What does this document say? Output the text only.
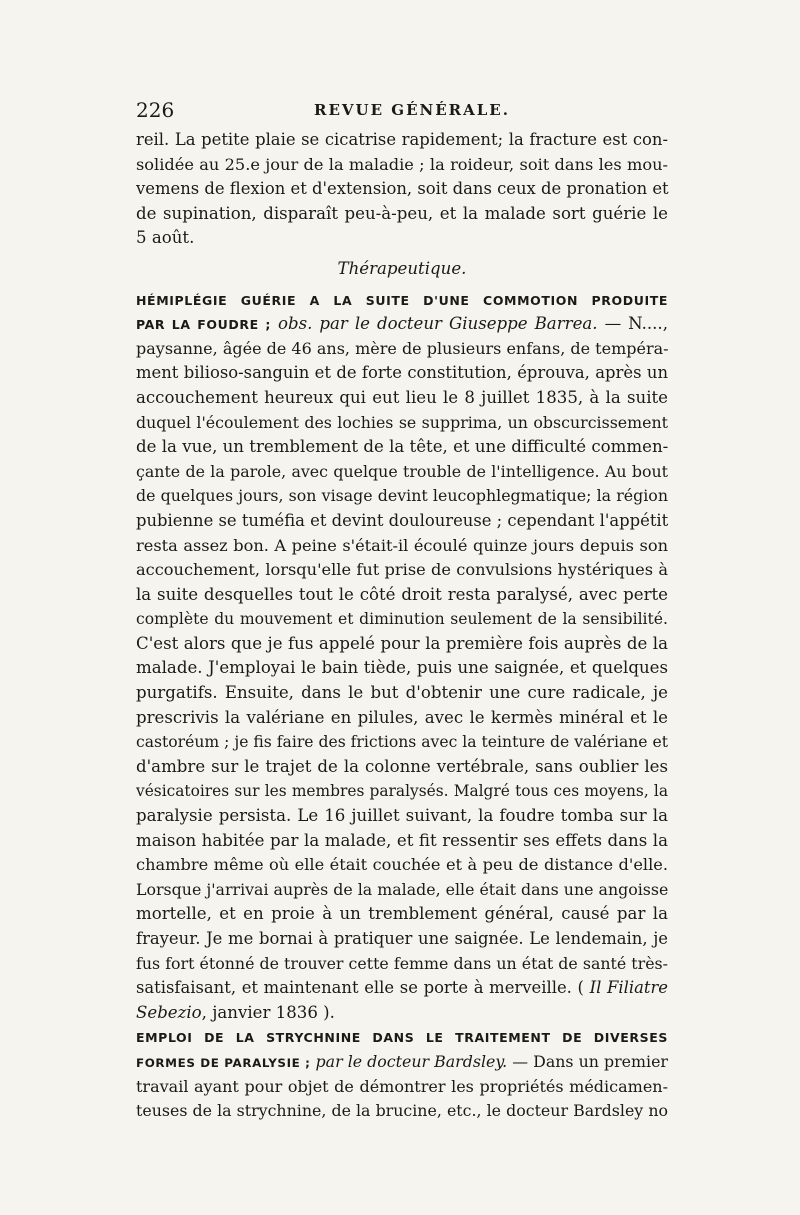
226	REVUE GÉNÉRALE.
reil. La petite plaie se cicatrise rapidement; la fracture est con-
solidée au 25.e jour de la maladie ; la roideur, soit dans les mou-
vemens de flexion et d'extension, soit dans ceux de pronation et
de supination, disparaît peu-à-peu, et la malade sort guérie le
5 août.
Thérapeutique.
HÉMIPLÉGIE GUÉRIE A LA SUITE D'UNE COMMOTION PRODUITE
PAR LA FOUDRE ; obs. par le docteur Giuseppe Barrea. — N....,
paysanne, âgée de 46 ans, mère de plusieurs enfans, de tempéra-
ment bilioso-sanguin et de forte constitution, éprouva, après un
accouchement heureux qui eut lieu le 8 juillet 1835, à la suite
duquel l'écoulement des lochies se supprima, un obscurcissement
de la vue, un tremblement de la tête, et une difficulté commen-
çante de la parole, avec quelque trouble de l'intelligence. Au bout
de quelques jours, son visage devint leucophlegmatique; la région
pubienne se tuméfia et devint douloureuse ; cependant l'appétit
resta assez bon. A peine s'était-il écoulé quinze jours depuis son
accouchement, lorsqu'elle fut prise de convulsions hystériques à
la suite desquelles tout le côté droit resta paralysé, avec perte
complète du mouvement et diminution seulement de la sensibilité.
C'est alors que je fus appelé pour la première fois auprès de la
malade. J'employai le bain tiède, puis une saignée, et quelques
purgatifs. Ensuite, dans le but d'obtenir une cure radicale, je
prescrivis la valériane en pilules, avec le kermès minéral et le
castoréum ; je fis faire des frictions avec la teinture de valériane et
d'ambre sur le trajet de la colonne vertébrale, sans oublier les
vésicatoires sur les membres paralysés. Malgré tous ces moyens, la
paralysie persista. Le 16 juillet suivant, la foudre tomba sur la
maison habitée par la malade, et fit ressentir ses effets dans la
chambre même où elle était couchée et à peu de distance d'elle.
Lorsque j'arrivai auprès de la malade, elle était dans une angoisse
mortelle, et en proie à un tremblement général, causé par la
frayeur. Je me bornai à pratiquer une saignée. Le lendemain, je
fus fort étonné de trouver cette femme dans un état de santé très-
satisfaisant, et maintenant elle se porte à merveille. ( Il Filiatre
Sebezio, janvier 1836 ).
EMPLOI DE LA STRYCHNINE DANS LE TRAITEMENT DE DIVERSES
FORMES DE PARALYSIE ; par le docteur Bardsley. — Dans un premier
travail ayant pour objet de démontrer les propriétés médicamen-
teuses de la strychnine, de la brucine, etc., le docteur Bardsley no
